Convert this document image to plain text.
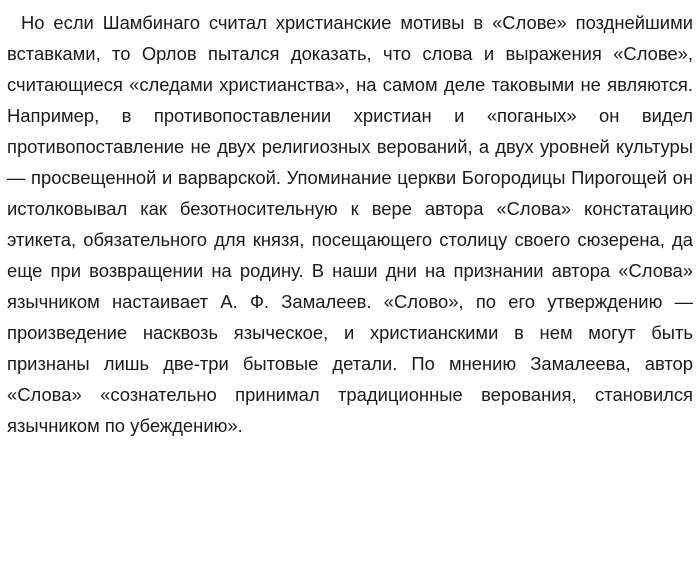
Но если Шамбинаго считал христианские мотивы в «Слове» позднейшими вставками, то Орлов пытался доказать, что слова и выражения «Слове», считающиеся «следами христианства», на самом деле таковыми не являются. Например, в противопоставлении христиан и «поганых» он видел противопоставление не двух религиозных верований, а двух уровней культуры — просвещенной и варварской. Упоминание церкви Богородицы Пирогощей он истолковывал как безотносительную к вере автора «Слова» констатацию этикета, обязательного для князя, посещающего столицу своего сюзерена, да еще при возвращении на родину. В наши дни на признании автора «Слова» язычником настаивает А. Ф. Замалеев. «Слово», по его утверждению — произведение насквозь языческое, и христианскими в нем могут быть признаны лишь две-три бытовые детали. По мнению Замалеева, автор «Слова» «сознательно принимал традиционные верования, становился язычником по убеждению».
